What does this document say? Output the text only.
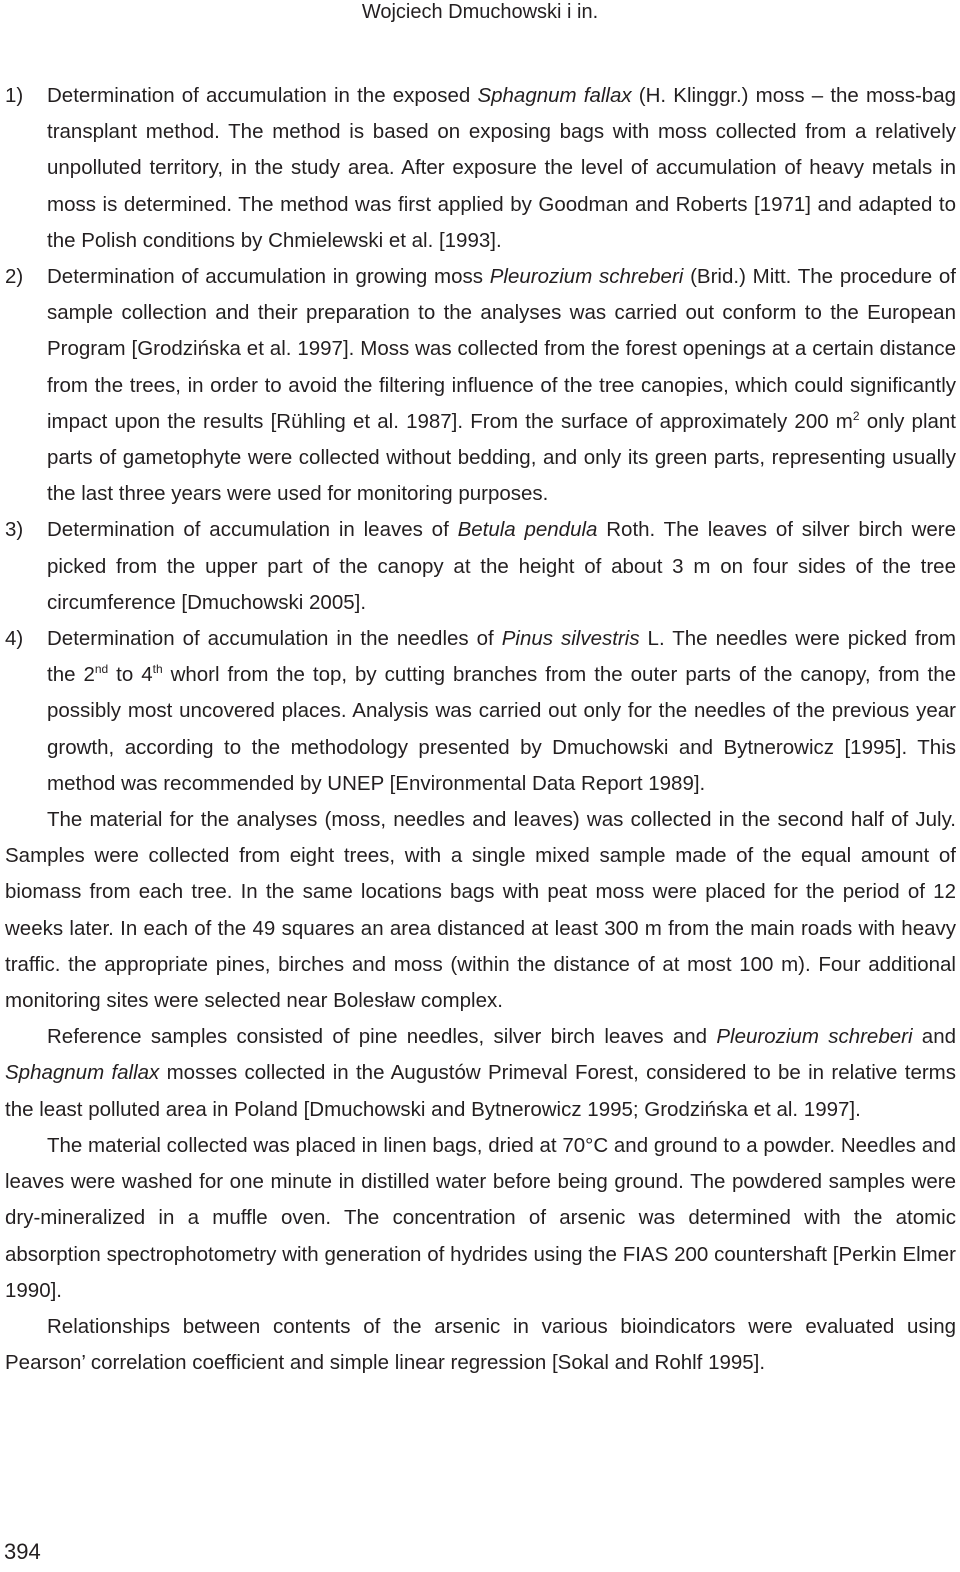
Wojciech Dmuchowski i in.
1)	Determination of accumulation in the exposed Sphagnum fallax (H. Klinggr.) moss – the moss-bag transplant method. The method is based on exposing bags with moss collected from a relatively unpolluted territory, in the study area. After exposure the level of accumulation of heavy metals in moss is determined. The method was first applied by Goodman and Roberts [1971] and adapted to the Polish conditions by Chmielewski et al. [1993].
2)	Determination of accumulation in growing moss Pleurozium schreberi (Brid.) Mitt. The procedure of sample collection and their preparation to the analyses was carried out conform to the European Program [Grodzińska et al. 1997]. Moss was collected from the forest openings at a certain distance from the trees, in order to avoid the filtering influence of the tree canopies, which could significantly impact upon the results [Rühling et al. 1987]. From the surface of approximately 200 $m^2$ only plant parts of gametophyte were collected without bedding, and only its green parts, representing usually the last three years were used for monitoring purposes.
3)	Determination of accumulation in leaves of Betula pendula Roth. The leaves of silver birch were picked from the upper part of the canopy at the height of about 3 m on four sides of the tree circumference [Dmuchowski 2005].
4)	Determination of accumulation in the needles of Pinus silvestris L. The needles were picked from the 2nd to 4th whorl from the top, by cutting branches from the outer parts of the canopy, from the possibly most uncovered places. Analysis was carried out only for the needles of the previous year growth, according to the methodology presented by Dmuchowski and Bytnerowicz [1995]. This method was recommended by UNEP [Environmental Data Report 1989].

The material for the analyses (moss, needles and leaves) was collected in the second half of July. Samples were collected from eight trees, with a single mixed sample made of the equal amount of biomass from each tree. In the same locations bags with peat moss were placed for the period of 12 weeks later. In each of the 49 squares an area distanced at least 300 m from the main roads with heavy traffic. the appropriate pines, birches and moss (within the distance of at most 100 m). Four additional monitoring sites were selected near Bolesław complex.

Reference samples consisted of pine needles, silver birch leaves and Pleurozium schreberi and Sphagnum fallax mosses collected in the Augustów Primeval Forest, considered to be in relative terms the least polluted area in Poland [Dmuchowski and Bytnerowicz 1995; Grodzińska et al. 1997].

The material collected was placed in linen bags, dried at 70°C and ground to a powder. Needles and leaves were washed for one minute in distilled water before being ground. The powdered samples were dry-mineralized in a muffle oven. The concentration of arsenic was determined with the atomic absorption spectrophotometry with generation of hydrides using the FIAS 200 countershaft [Perkin Elmer 1990].

Relationships between contents of the arsenic in various bioindicators were evaluated using Pearson’ correlation coefficient and simple linear regression [Sokal and Rohlf 1995].

394
